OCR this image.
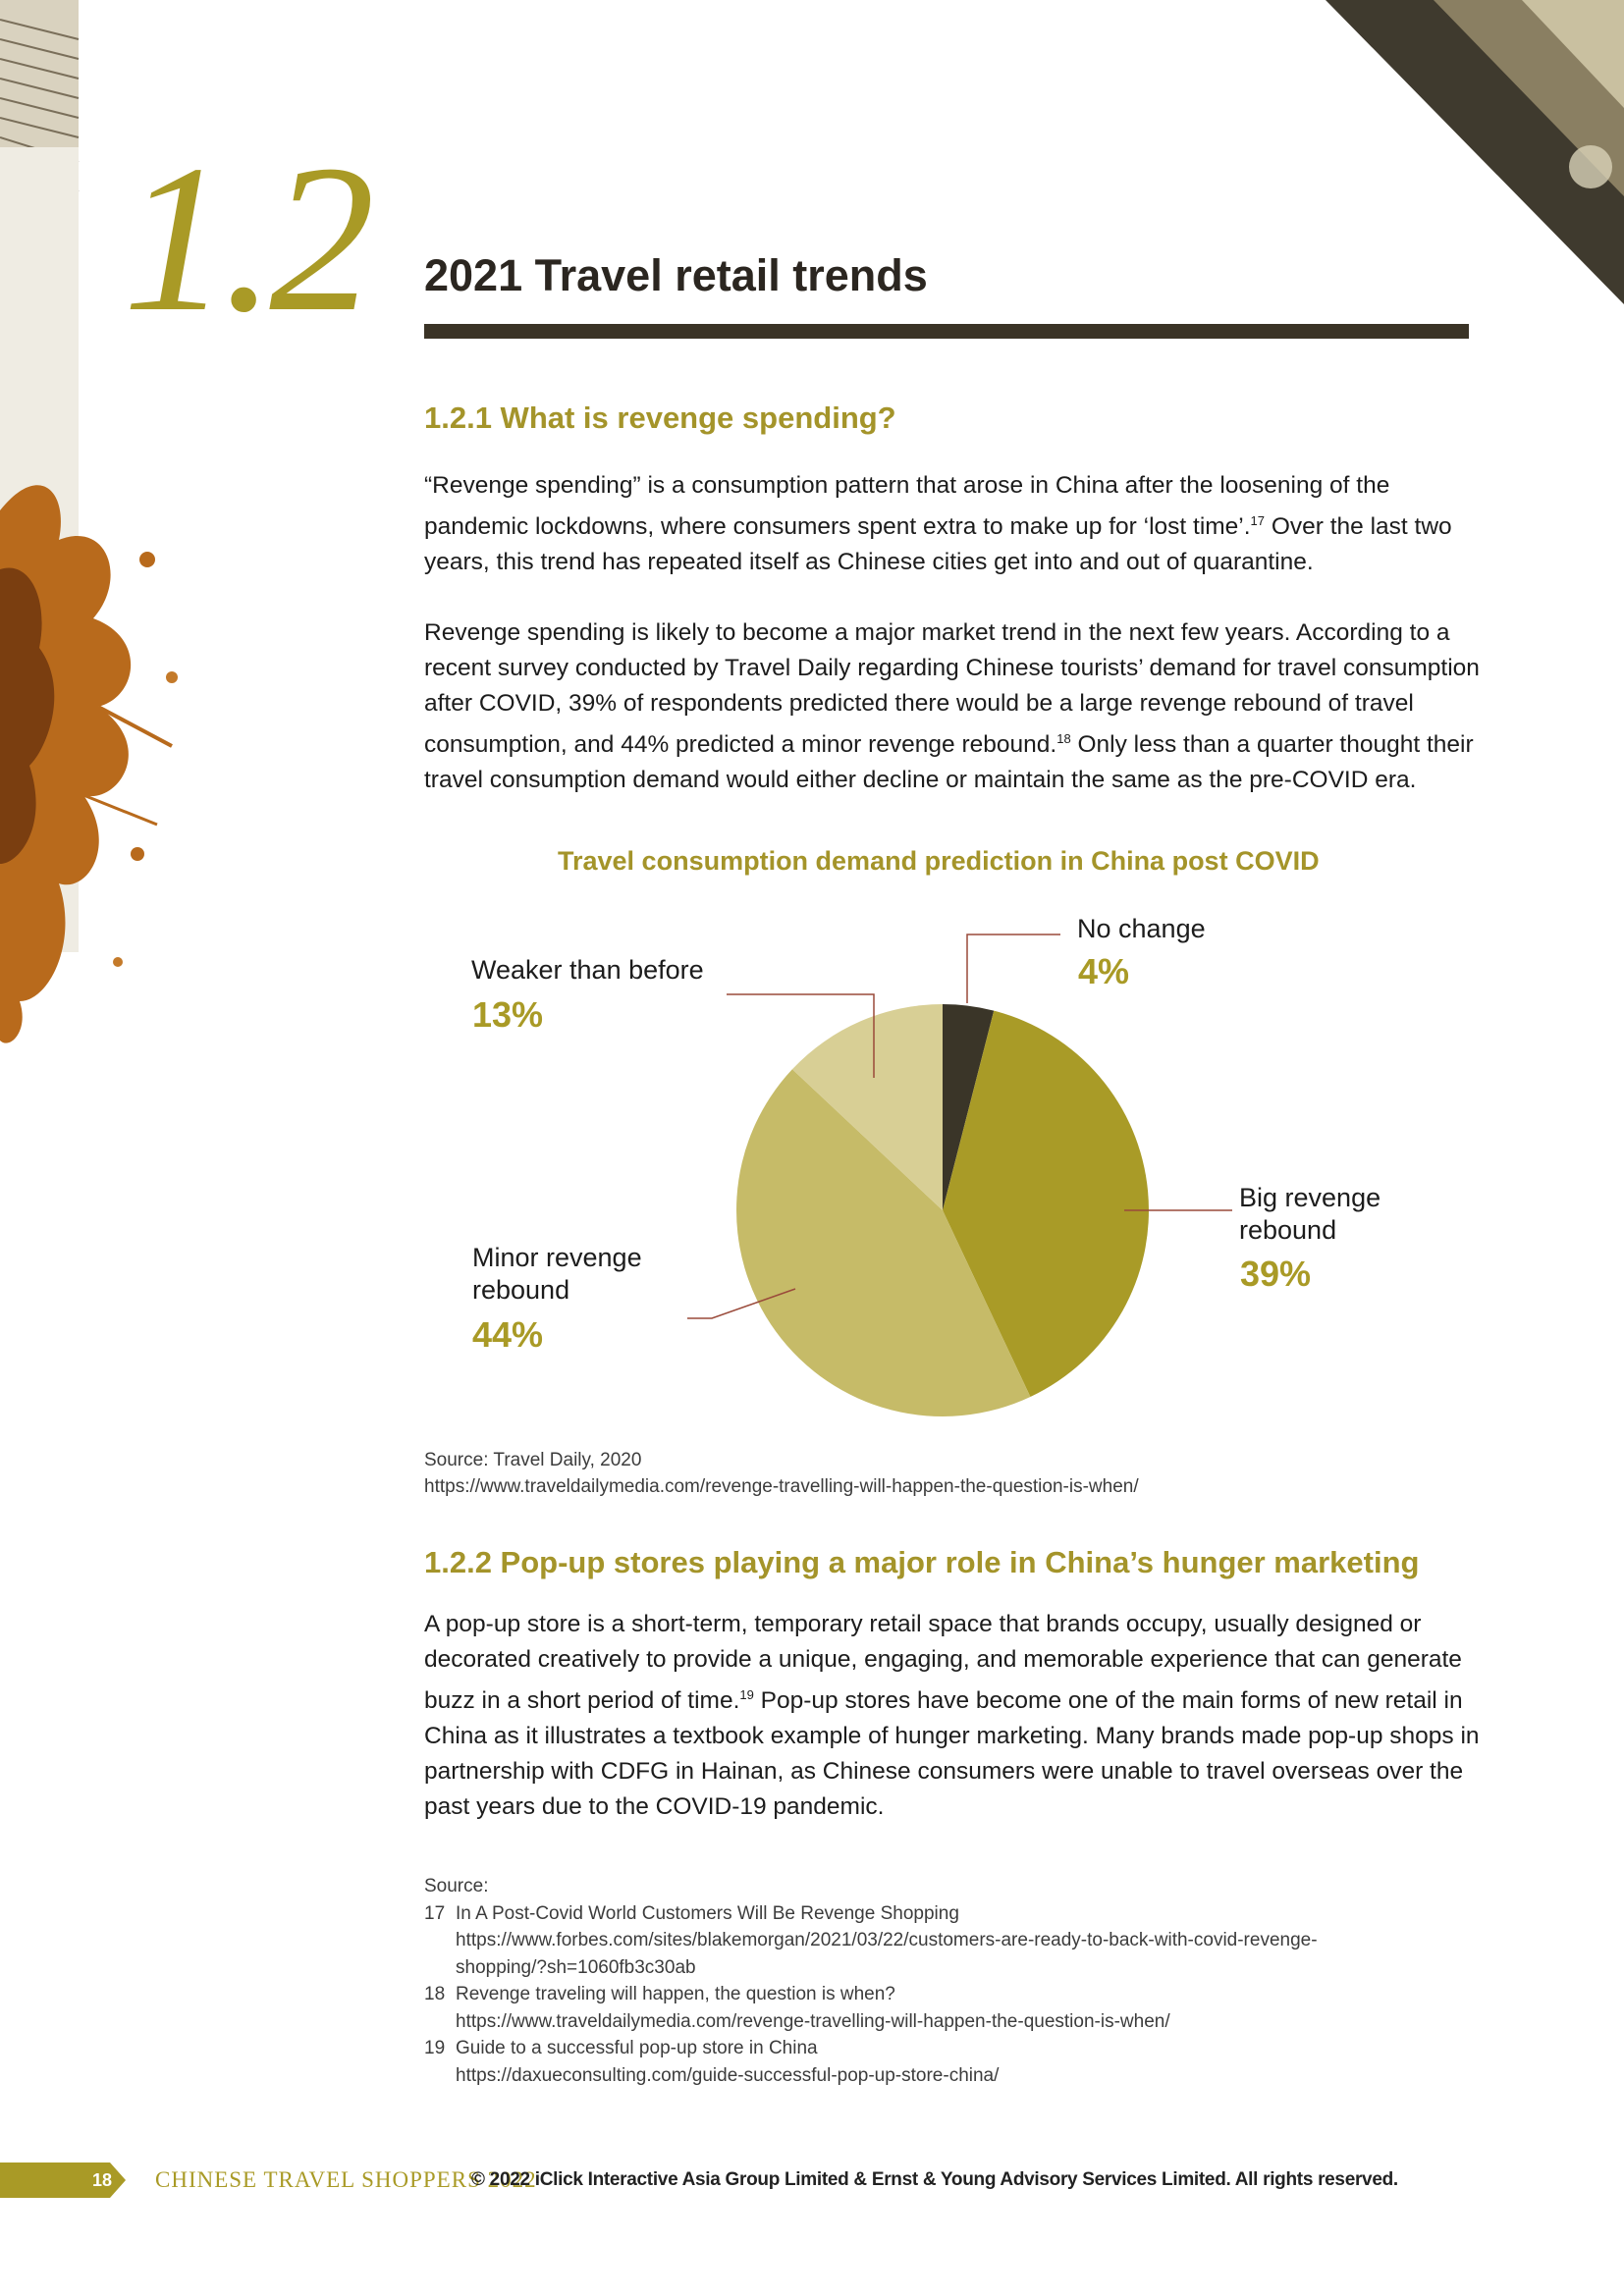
1.2 2021 Travel retail trends
1.2.1 What is revenge spending?

“Revenge spending” is a consumption pattern that arose in China after the loosening of the pandemic lockdowns, where consumers spent extra to make up for ‘lost time’.$^{17}$ Over the last two years, this trend has repeated itself as Chinese cities get into and out of quarantine.

Revenge spending is likely to become a major market trend in the next few years. According to a recent survey conducted by Travel Daily regarding Chinese tourists’ demand for travel consumption after COVID, 39% of respondents predicted there would be a large revenge rebound of travel consumption, and 44% predicted a minor revenge rebound.$^{18}$ Only less than a quarter thought their travel consumption demand would either decline or maintain the same as the pre-COVID era.

Travel consumption demand prediction in China post COVID
No change
4%
Weaker than before
13%
Big revenge
rebound
39%
Minor revenge
rebound
44%
Source: Travel Daily, 2020
https://www.traveldailymedia.com/revenge-travelling-will-happen-the-question-is-when/
1.2.2 Pop-up stores playing a major role in China’s hunger marketing

A pop-up store is a short-term, temporary retail space that brands occupy, usually designed or decorated creatively to provide a unique, engaging, and memorable experience that can generate buzz in a short period of time.$^{19}$ Pop-up stores have become one of the main forms of new retail in China as it illustrates a textbook example of hunger marketing. Many brands made pop-up shops in partnership with CDFG in Hainan, as Chinese consumers were unable to travel overseas over the past years due to the COVID-19 pandemic.

Source:
17 In A Post-Covid World Customers Will Be Revenge Shopping
https://www.forbes.com/sites/blakemorgan/2021/03/22/customers-are-ready-to-back-with-covid-revenge-
shopping/?sh=1060fb3c30ab
18 Revenge traveling will happen, the question is when?
https://www.traveldailymedia.com/revenge-travelling-will-happen-the-question-is-when/
19 Guide to a successful pop-up store in China
https://daxueconsulting.com/guide-successful-pop-up-store-china/
18 CHINESE TRAVEL SHOPPERS 2022
© 2022 iClick Interactive Asia Group Limited & Ernst & Young Advisory Services Limited. All rights reserved.
